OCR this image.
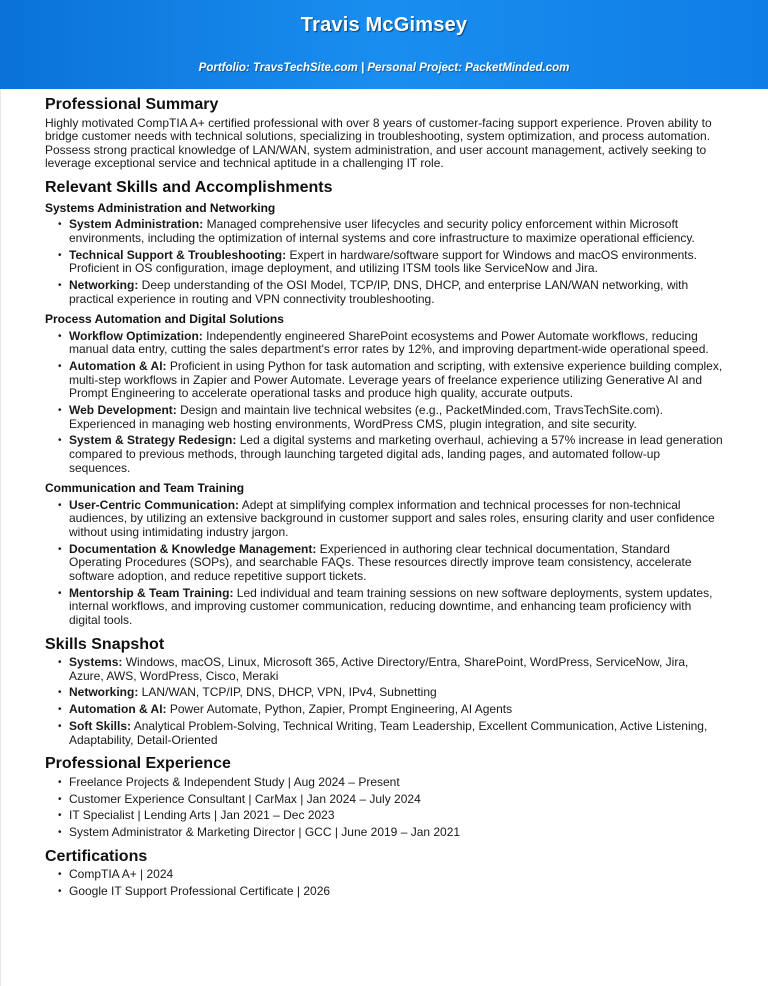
Travis McGimsey
Portfolio: TravsTechSite.com | Personal Project: PacketMinded.com
Professional Summary

Highly motivated CompTIA A+ certified professional with over 8 years of customer-facing support experience. Proven ability to bridge customer needs with technical solutions, specializing in troubleshooting, system optimization, and process automation. Possess strong practical knowledge of LAN/WAN, system administration, and user account management, actively seeking to leverage exceptional service and technical aptitude in a challenging IT role.

Relevant Skills and Accomplishments
Systems Administration and Networking
• System Administration: Managed comprehensive user lifecycles and security policy enforcement within Microsoft environments, including the optimization of internal systems and core infrastructure to maximize operational efficiency.
• Technical Support & Troubleshooting: Expert in hardware/software support for Windows and macOS environments. Proficient in OS configuration, image deployment, and utilizing ITSM tools like ServiceNow and Jira.
• Networking: Deep understanding of the OSI Model, TCP/IP, DNS, DHCP, and enterprise LAN/WAN networking, with practical experience in routing and VPN connectivity troubleshooting.
Process Automation and Digital Solutions
• Workflow Optimization: Independently engineered SharePoint ecosystems and Power Automate workflows, reducing manual data entry, cutting the sales department's error rates by 12%, and improving department-wide operational speed.
• Automation & AI: Proficient in using Python for task automation and scripting, with extensive experience building complex, multi-step workflows in Zapier and Power Automate. Leverage years of freelance experience utilizing Generative AI and Prompt Engineering to accelerate operational tasks and produce high quality, accurate outputs.
• Web Development: Design and maintain live technical websites (e.g., PacketMinded.com, TravsTechSite.com). Experienced in managing web hosting environments, WordPress CMS, plugin integration, and site security.
• System & Strategy Redesign: Led a digital systems and marketing overhaul, achieving a 57% increase in lead generation compared to previous methods, through launching targeted digital ads, landing pages, and automated follow-up sequences.
Communication and Team Training
• User-Centric Communication: Adept at simplifying complex information and technical processes for non-technical audiences, by utilizing an extensive background in customer support and sales roles, ensuring clarity and user confidence without using intimidating industry jargon.
• Documentation & Knowledge Management: Experienced in authoring clear technical documentation, Standard Operating Procedures (SOPs), and searchable FAQs. These resources directly improve team consistency, accelerate software adoption, and reduce repetitive support tickets.
• Mentorship & Team Training: Led individual and team training sessions on new software deployments, system updates, internal workflows, and improving customer communication, reducing downtime, and enhancing team proficiency with digital tools.
Skills Snapshot
• Systems: Windows, macOS, Linux, Microsoft 365, Active Directory/Entra, SharePoint, WordPress, ServiceNow, Jira, Azure, AWS, WordPress, Cisco, Meraki
• Networking: LAN/WAN, TCP/IP, DNS, DHCP, VPN, IPv4, Subnetting
• Automation & AI: Power Automate, Python, Zapier, Prompt Engineering, AI Agents
• Soft Skills: Analytical Problem-Solving, Technical Writing, Team Leadership, Excellent Communication, Active Listening, Adaptability, Detail-Oriented
Professional Experience
• Freelance Projects & Independent Study | Aug 2024 – Present
• Customer Experience Consultant | CarMax | Jan 2024 – July 2024
• IT Specialist | Lending Arts | Jan 2021 – Dec 2023
• System Administrator & Marketing Director | GCC | June 2019 – Jan 2021
Certifications
• CompTIA A+ | 2024
• Google IT Support Professional Certificate | 2026
